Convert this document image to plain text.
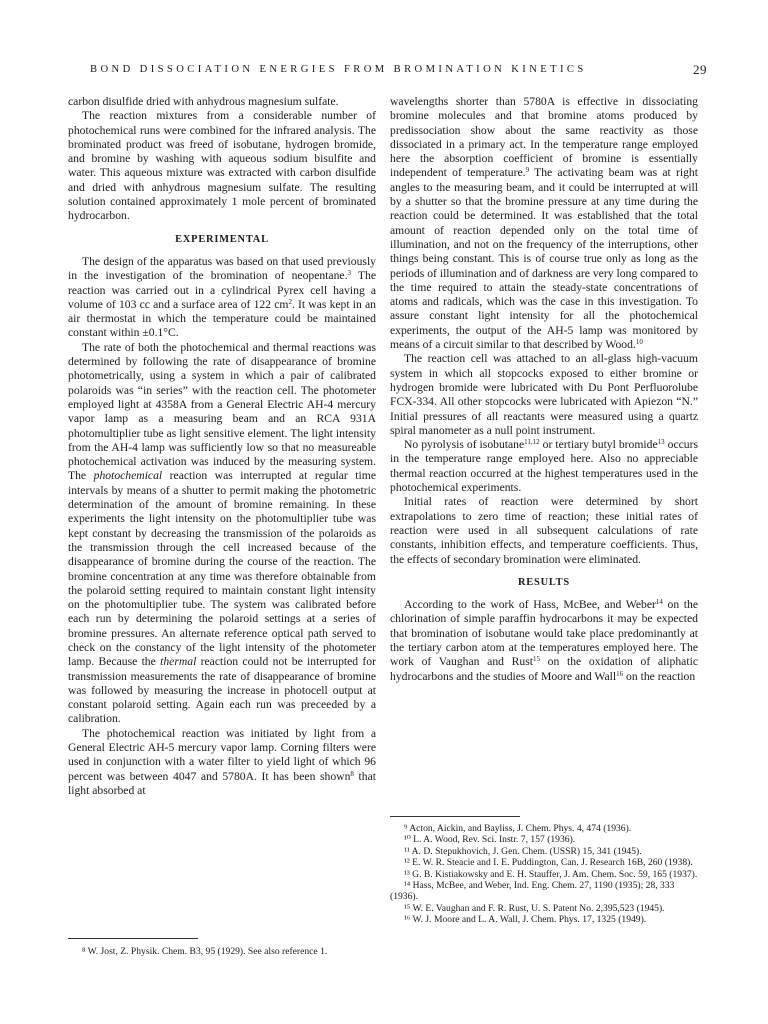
BOND DISSOCIATION ENERGIES FROM BROMINATION KINETICS	29

carbon disulfide dried with anhydrous magnesium sulfate.

The reaction mixtures from a considerable number of photochemical runs were combined for the infrared analysis. The brominated product was freed of isobutane, hydrogen bromide, and bromine by washing with aqueous sodium bisulfite and water. This aqueous mixture was extracted with carbon disulfide and dried with anhydrous magnesium sulfate. The resulting solution contained approximately 1 mole percent of brominated hydrocarbon.

EXPERIMENTAL

The design of the apparatus was based on that used previously in the investigation of the bromination of neopentane.$^3$ The reaction was carried out in a cylindrical Pyrex cell having a volume of 103 cc and a surface area of 122 $cm^2$. It was kept in an air thermostat in which the temperature could be maintained constant within ±0.1°C.

The rate of both the photochemical and thermal reactions was determined by following the rate of disappearance of bromine photometrically, using a system in which a pair of calibrated polaroids was “in series” with the reaction cell. The photometer employed light at 4358A from a General Electric AH-4 mercury vapor lamp as a measuring beam and an RCA 931A photomultiplier tube as light sensitive element. The light intensity from the AH-4 lamp was sufficiently low so that no measureable photochemical activation was induced by the measuring system. The photochemical reaction was interrupted at regular time intervals by means of a shutter to permit making the photometric determination of the amount of bromine remaining. In these experiments the light intensity on the photomultiplier tube was kept constant by decreasing the transmission of the polaroids as the transmission through the cell increased because of the disappearance of bromine during the course of the reaction. The bromine concentration at any time was therefore obtainable from the polaroid setting required to maintain constant light intensity on the photomultiplier tube. The system was calibrated before each run by determining the polaroid settings at a series of bromine pressures. An alternate reference optical path served to check on the constancy of the light intensity of the photometer lamp. Because the thermal reaction could not be interrupted for transmission measurements the rate of disappearance of bromine was followed by measuring the increase in photocell output at constant polaroid setting. Again each run was preceeded by a calibration.

The photochemical reaction was initiated by light from a General Electric AH-5 mercury vapor lamp. Corning filters were used in conjunction with a water filter to yield light of which 96 percent was between 4047 and 5780A. It has been shown$^8$ that light absorbed at

wavelengths shorter than 5780A is effective in dissociating bromine molecules and that bromine atoms produced by predissociation show about the same reactivity as those dissociated in a primary act. In the temperature range employed here the absorption coefficient of bromine is essentially independent of temperature.$^9$ The activating beam was at right angles to the measuring beam, and it could be interrupted at will by a shutter so that the bromine pressure at any time during the reaction could be determined. It was established that the total amount of reaction depended only on the total time of illumination, and not on the frequency of the interruptions, other things being constant. This is of course true only as long as the periods of illumination and of darkness are very long compared to the time required to attain the steady-state concentrations of atoms and radicals, which was the case in this investigation. To assure constant light intensity for all the photochemical experiments, the output of the AH-5 lamp was monitored by means of a circuit similar to that described by Wood.$^{10}$

The reaction cell was attached to an all-glass high-vacuum system in which all stopcocks exposed to either bromine or hydrogen bromide were lubricated with Du Pont Perfluorolube FCX-334. All other stopcocks were lubricated with Apiezon “N.” Initial pressures of all reactants were measured using a quartz spiral manometer as a null point instrument.

No pyrolysis of isobutane$^{11,12}$ or tertiary butyl bromide$^{13}$ occurs in the temperature range employed here. Also no appreciable thermal reaction occurred at the highest temperatures used in the photochemical experiments.

Initial rates of reaction were determined by short extrapolations to zero time of reaction; these initial rates of reaction were used in all subsequent calculations of rate constants, inhibition effects, and temperature coefficients. Thus, the effects of secondary bromination were eliminated.

RESULTS

According to the work of Hass, McBee, and Weber$^{14}$ on the chlorination of simple paraffin hydrocarbons it may be expected that bromination of isobutane would take place predominantly at the tertiary carbon atom at the temperatures employed here. The work of Vaughan and Rust$^{15}$ on the oxidation of aliphatic hydrocarbons and the studies of Moore and Wall$^{16}$ on the reaction

⁹ Acton, Aickin, and Bayliss, J. Chem. Phys. 4, 474 (1936).

¹⁰ L. A. Wood, Rev. Sci. Instr. 7, 157 (1936).

¹¹ A. D. Stepukhovich, J. Gen. Chem. (USSR) 15, 341 (1945).

¹² E. W. R. Steacie and I. E. Puddington, Can. J. Research 16B, 260 (1938).

¹³ G. B. Kistiakowsky and E. H. Stauffer, J. Am. Chem. Soc. 59, 165 (1937).

¹⁴ Hass, McBee, and Weber, Ind. Eng. Chem. 27, 1190 (1935); 28, 333 (1936).

¹⁵ W. E. Vaughan and F. R. Rust, U. S. Patent No. 2,395,523 (1945).

¹⁶ W. J. Moore and L. A. Wall, J. Chem. Phys. 17, 1325 (1949).

⁸ W. Jost, Z. Physik. Chem. B3, 95 (1929). See also reference 1.
